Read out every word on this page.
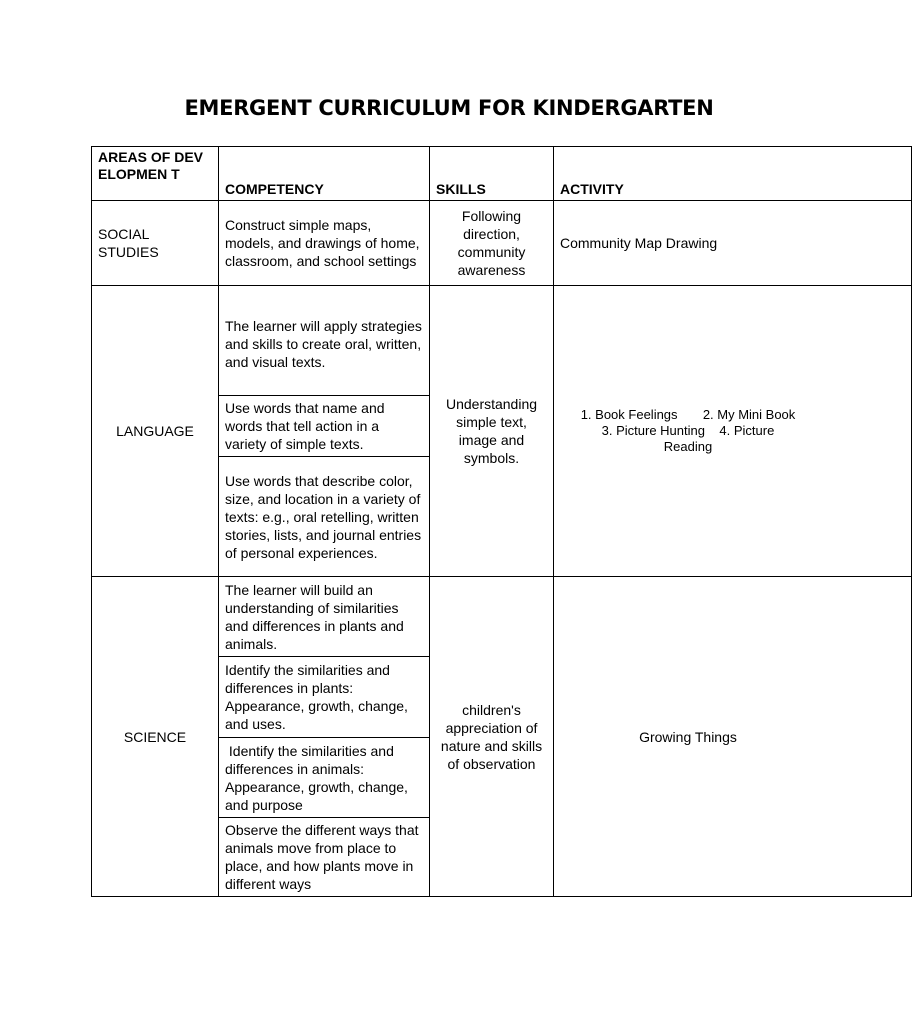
EMERGENT CURRICULUM FOR KINDERGARTEN
AREAS OF DEVELOPMEN T	COMPETENCY	SKILLS	ACTIVITY
SOCIAL STUDIES	Construct simple maps, models, and drawings of home, classroom, and school settings	Following direction, community awareness	Community Map Drawing
LANGUAGE	The learner will apply strategies and skills to create oral, written, and visual texts.	Understanding simple text, image and symbols.	1. Book Feelings       2. My Mini Book
3. Picture Hunting    4. Picture
Reading

	Use words that name and words that tell action in a variety of simple texts.		
	Use words that describe color, size, and location in a variety of texts: e.g., oral retelling, written stories, lists, and journal entries of personal experiences.		
SCIENCE	The learner will build an understanding of similarities and differences in plants and animals.	children's appreciation of nature and skills of observation	Growing Things

	Identify the similarities and differences in plants: Appearance, growth, change, and uses.		
	Identify the similarities and differences in animals: Appearance, growth, change, and purpose		
	Observe the different ways that animals move from place to place, and how plants move in different ways		
